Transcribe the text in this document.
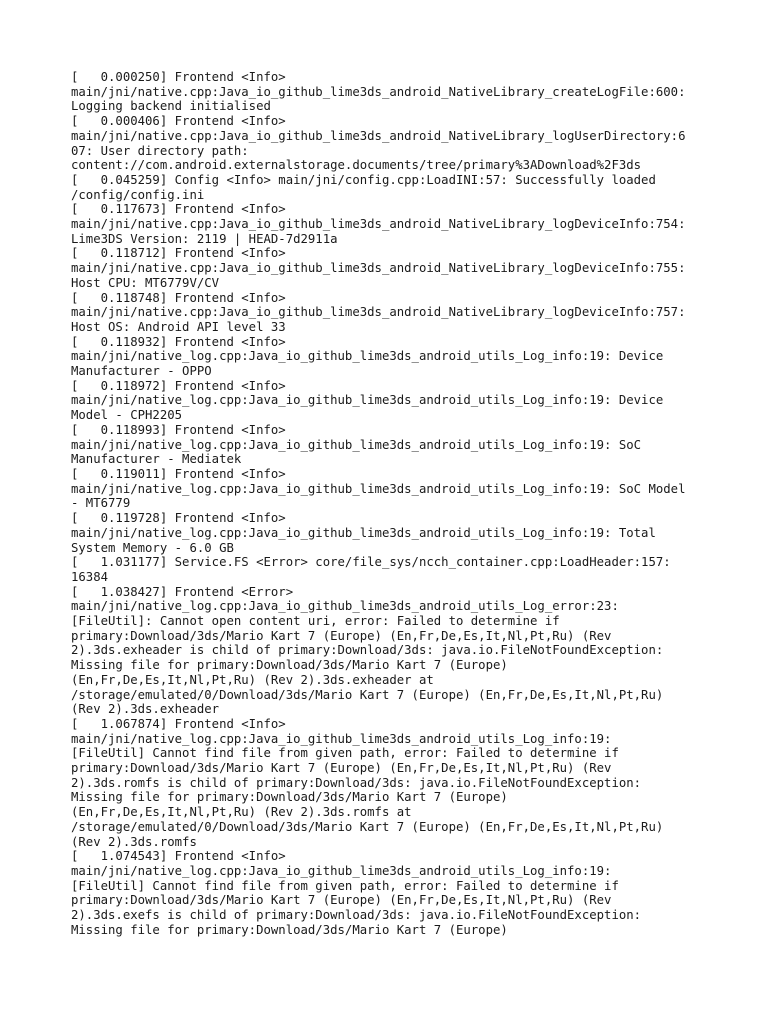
[   0.000250] Frontend <Info>

main/jni/native.cpp:Java_io_github_lime3ds_android_NativeLibrary_createLogFile:600:

Logging backend initialised

[   0.000406] Frontend <Info>

main/jni/native.cpp:Java_io_github_lime3ds_android_NativeLibrary_logUserDirectory:6

07: User directory path:

content://com.android.externalstorage.documents/tree/primary%3ADownload%2F3ds

[   0.045259] Config <Info> main/jni/config.cpp:LoadINI:57: Successfully loaded

/config/config.ini

[   0.117673] Frontend <Info>

main/jni/native.cpp:Java_io_github_lime3ds_android_NativeLibrary_logDeviceInfo:754:

Lime3DS Version: 2119 | HEAD-7d2911a

[   0.118712] Frontend <Info>

main/jni/native.cpp:Java_io_github_lime3ds_android_NativeLibrary_logDeviceInfo:755:

Host CPU: MT6779V/CV

[   0.118748] Frontend <Info>

main/jni/native.cpp:Java_io_github_lime3ds_android_NativeLibrary_logDeviceInfo:757:

Host OS: Android API level 33

[   0.118932] Frontend <Info>

main/jni/native_log.cpp:Java_io_github_lime3ds_android_utils_Log_info:19: Device

Manufacturer - OPPO

[   0.118972] Frontend <Info>

main/jni/native_log.cpp:Java_io_github_lime3ds_android_utils_Log_info:19: Device

Model - CPH2205

[   0.118993] Frontend <Info>

main/jni/native_log.cpp:Java_io_github_lime3ds_android_utils_Log_info:19: SoC

Manufacturer - Mediatek

[   0.119011] Frontend <Info>

main/jni/native_log.cpp:Java_io_github_lime3ds_android_utils_Log_info:19: SoC Model

- MT6779

[   0.119728] Frontend <Info>

main/jni/native_log.cpp:Java_io_github_lime3ds_android_utils_Log_info:19: Total

System Memory - 6.0 GB

[   1.031177] Service.FS <Error> core/file_sys/ncch_container.cpp:LoadHeader:157:

16384

[   1.038427] Frontend <Error>

main/jni/native_log.cpp:Java_io_github_lime3ds_android_utils_Log_error:23:

[FileUtil]: Cannot open content uri, error: Failed to determine if

primary:Download/3ds/Mario Kart 7 (Europe) (En,Fr,De,Es,It,Nl,Pt,Ru) (Rev

2).3ds.exheader is child of primary:Download/3ds: java.io.FileNotFoundException:

Missing file for primary:Download/3ds/Mario Kart 7 (Europe)

(En,Fr,De,Es,It,Nl,Pt,Ru) (Rev 2).3ds.exheader at

/storage/emulated/0/Download/3ds/Mario Kart 7 (Europe) (En,Fr,De,Es,It,Nl,Pt,Ru)

(Rev 2).3ds.exheader

[   1.067874] Frontend <Info>

main/jni/native_log.cpp:Java_io_github_lime3ds_android_utils_Log_info:19:

[FileUtil] Cannot find file from given path, error: Failed to determine if

primary:Download/3ds/Mario Kart 7 (Europe) (En,Fr,De,Es,It,Nl,Pt,Ru) (Rev

2).3ds.romfs is child of primary:Download/3ds: java.io.FileNotFoundException:

Missing file for primary:Download/3ds/Mario Kart 7 (Europe)

(En,Fr,De,Es,It,Nl,Pt,Ru) (Rev 2).3ds.romfs at

/storage/emulated/0/Download/3ds/Mario Kart 7 (Europe) (En,Fr,De,Es,It,Nl,Pt,Ru)

(Rev 2).3ds.romfs

[   1.074543] Frontend <Info>

main/jni/native_log.cpp:Java_io_github_lime3ds_android_utils_Log_info:19:

[FileUtil] Cannot find file from given path, error: Failed to determine if

primary:Download/3ds/Mario Kart 7 (Europe) (En,Fr,De,Es,It,Nl,Pt,Ru) (Rev

2).3ds.exefs is child of primary:Download/3ds: java.io.FileNotFoundException:

Missing file for primary:Download/3ds/Mario Kart 7 (Europe)
